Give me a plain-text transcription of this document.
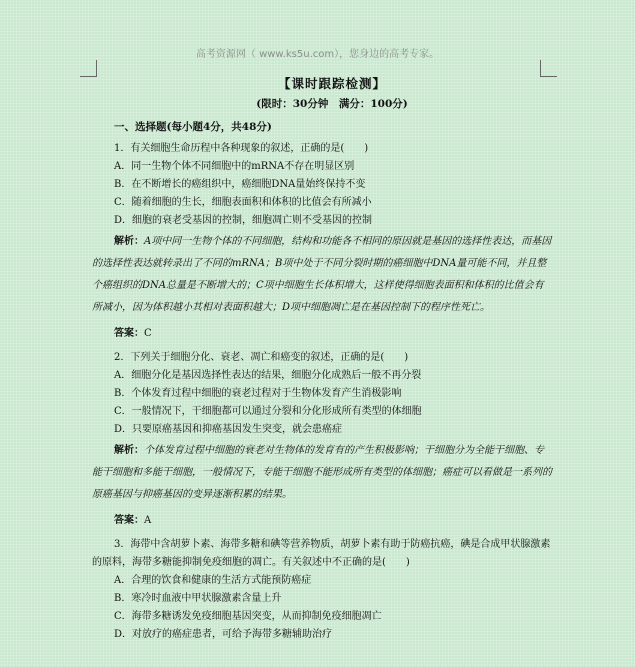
高考资源网（ www.ks5u.com），您身边的高考专家。
【课时跟踪检测】
(限时：30分钟　满分：100分)
一、选择题(每小题4分，共48分)
1．有关细胞生命历程中各种现象的叙述，正确的是(　　)
A．同一生物个体不同细胞中的mRNA不存在明显区别
B．在不断增长的癌组织中，癌细胞DNA量始终保持不变
C．随着细胞的生长，细胞表面积和体积的比值会有所减小
D．细胞的衰老受基因的控制，细胞凋亡则不受基因的控制
解析：A项中同一生物个体的不同细胞，结构和功能各不相同的原因就是基因的选择性表达，而基因的选择性表达就转录出了不同的mRNA；B项中处于不同分裂时期的癌细胞中DNA量可能不同，并且整个癌组织的DNA总量是不断增大的；C项中细胞生长体积增大，这样使得细胞表面积和体积的比值会有所减小，因为体积越小其相对表面积越大；D项中细胞凋亡是在基因控制下的程序性死亡。
答案：C
2．下列关于细胞分化、衰老、凋亡和癌变的叙述，正确的是(　　)
A．细胞分化是基因选择性表达的结果，细胞分化成熟后一般不再分裂
B．个体发育过程中细胞的衰老过程对于生物体发育产生消极影响
C．一般情况下，干细胞都可以通过分裂和分化形成所有类型的体细胞
D．只要原癌基因和抑癌基因发生突变，就会患癌症
解析：个体发育过程中细胞的衰老对生物体的发育有的产生积极影响；干细胞分为全能干细胞、专能干细胞和多能干细胞，一般情况下，专能干细胞不能形成所有类型的体细胞；癌症可以看做是一系列的原癌基因与抑癌基因的变异逐渐积累的结果。
答案：A
3．海带中含胡萝卜素、海带多糖和碘等营养物质，胡萝卜素有助于防癌抗癌，碘是合成甲状腺激素的原料，海带多糖能抑制免疫细胞的凋亡。有关叙述中不正确的是(　　)
A．合理的饮食和健康的生活方式能预防癌症
B．寒冷时血液中甲状腺激素含量上升
C．海带多糖诱发免疫细胞基因突变，从而抑制免疫细胞凋亡
D．对放疗的癌症患者，可给予海带多糖辅助治疗
